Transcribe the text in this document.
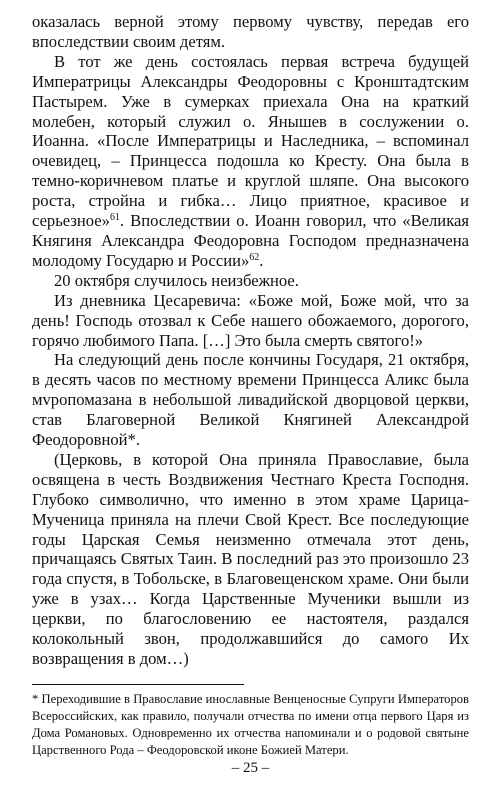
оказалась верной этому первому чувству, передав его впоследствии своим детям.

В тот же день состоялась первая встреча будущей Императрицы Александры Феодоровны с Кронштадтским Пастырем. Уже в сумерках приехала Она на краткий молебен, который служил о. Янышев в сослужении о. Иоанна. «После Императрицы и Наследника, – вспоминал очевидец, – Принцесса подошла ко Кресту. Она была в темно-коричневом платье и круглой шляпе. Она высокого роста, стройна и гибка… Лицо приятное, красивое и серьезное»$^{61}$. Впоследствии о. Иоанн говорил, что «Великая Княгиня Александра Феодоровна Господом предназначена молодому Государю и России»$^{62}$.

20 октября случилось неизбежное.

Из дневника Цесаревича: «Боже мой, Боже мой, что за день! Господь отозвал к Себе нашего обожаемого, дорогого, горячо любимого Папа. […] Это была смерть святого!»

На следующий день после кончины Государя, 21 октября, в десять часов по местному времени Принцесса Аликс была мvропомазана в небольшой ливадийской дворцовой церкви, став Благоверной Великой Княгиней Александрой Феодоровной*.

(Церковь, в которой Она приняла Православие, была освящена в честь Воздвижения Честнаго Креста Господня. Глубоко символично, что именно в этом храме Царица-Мученица приняла на плечи Свой Крест. Все последующие годы Царская Семья неизменно отмечала этот день, причащаясь Святых Таин. В последний раз это произошло 23 года спустя, в Тобольске, в Благовещенском храме. Они были уже в узах… Когда Царственные Мученики вышли из церкви, по благословению ее настоятеля, раздался колокольный звон, продолжавшийся до самого Их возвращения в дом…)

* Переходившие в Православие инославные Венценосные Супруги Императоров Всероссийских, как правило, получали отчества по имени отца первого Царя из Дома Романовых. Одновременно их отчества напоминали и о родовой святыне Царственного Рода – Феодоровской иконе Божией Матери.

– 25 –
